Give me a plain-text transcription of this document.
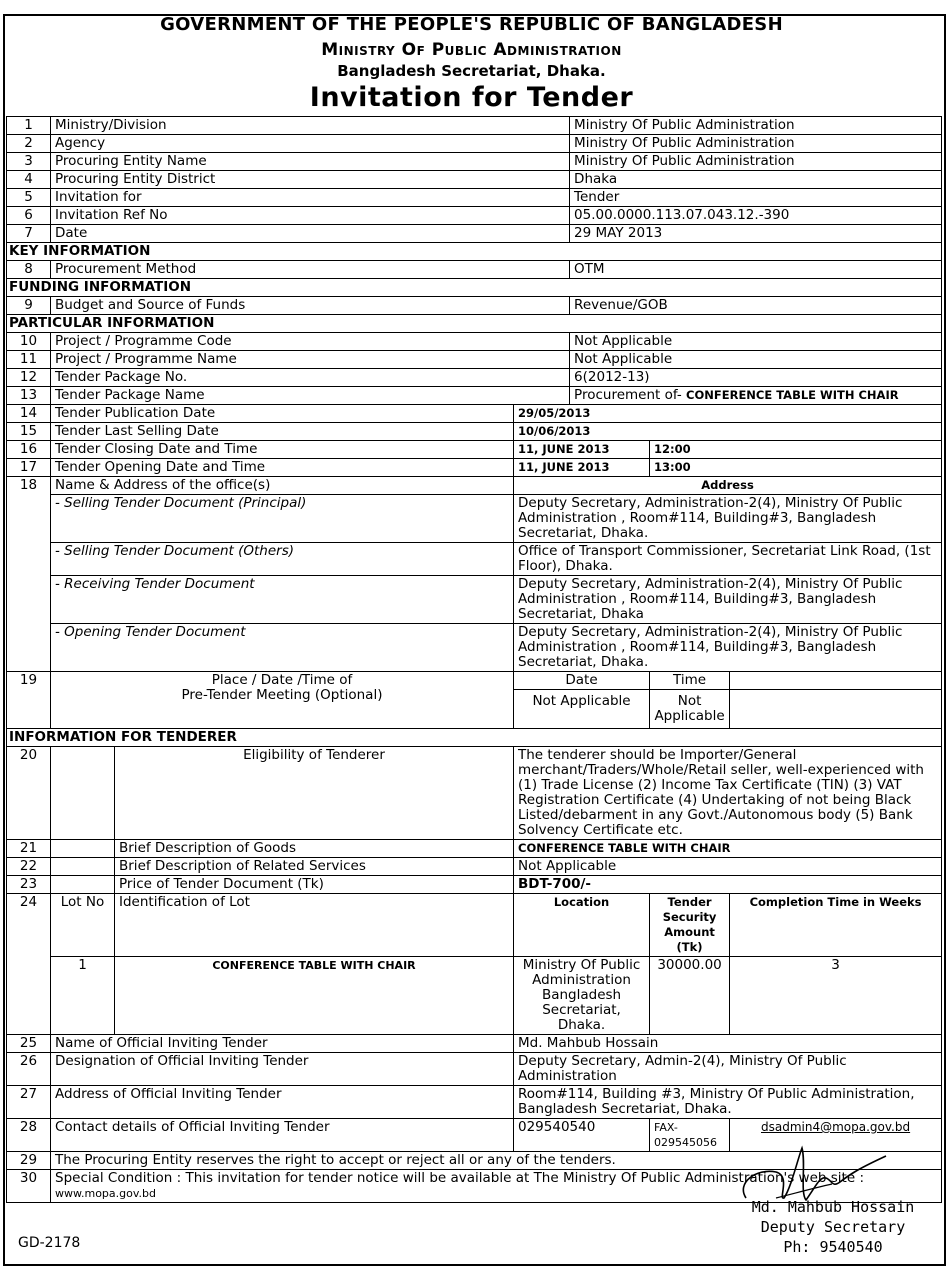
GOVERNMENT OF THE PEOPLE'S REPUBLIC OF BANGLADESH
Ministry Of Public Administration
Bangladesh Secretariat, Dhaka.
Invitation for Tender
1	Ministry/Division			Ministry Of Public Administration		
2	Agency			Ministry Of Public Administration		
3	Procuring Entity Name			Ministry Of Public Administration		
4	Procuring Entity District			Dhaka		
5	Invitation for			Tender		
6	Invitation Ref No			05.00.0000.113.07.043.12.-390		
7	Date			29 MAY 2013		
KEY INFORMATION						
8	Procurement Method			OTM		
FUNDING INFORMATION						
9	Budget and Source of Funds			Revenue/GOB		
PARTICULAR INFORMATION						
10	Project / Programme Code			Not Applicable		
11	Project / Programme Name			Not Applicable		
12	Tender Package No.			6(2012-13)		
13	Tender Package Name			Procurement of- CONFERENCE TABLE WITH CHAIR		
14	Tender Publication Date		29/05/2013			
15	Tender Last Selling Date		10/06/2013			
16	Tender Closing Date and Time		11, JUNE 2013		12:00	
17	Tender Opening Date and Time		11, JUNE 2013		13:00	
18	Name & Address of the office(s)		Address			
	- Selling Tender Document (Principal)		Deputy Secretary, Administration-2(4), Ministry Of Public Administration , Room#114, Building#3, Bangladesh Secretariat, Dhaka.			
	- Selling Tender Document (Others)		Office of Transport Commissioner, Secretariat Link Road, (1st Floor), Dhaka.			
	- Receiving Tender Document		Deputy Secretary, Administration-2(4), Ministry Of Public Administration , Room#114, Building#3, Bangladesh Secretariat, Dhaka			
	- Opening Tender Document		Deputy Secretary, Administration-2(4), Ministry Of Public Administration , Room#114, Building#3, Bangladesh Secretariat, Dhaka.			
19	Place / Date /Time of
Pre-Tender Meeting (Optional)		Date		Time	
			Not Applicable		Not Applicable	
INFORMATION FOR TENDERER						
20		Eligibility of Tenderer	The tenderer should be Importer/General merchant/Traders/Whole/Retail seller, well-experienced with (1) Trade License (2) Income Tax Certificate (TIN) (3) VAT Registration Certificate (4) Undertaking of not being Black Listed/debarment in any Govt./Autonomous body (5) Bank Solvency Certificate etc.			
21		Brief Description of Goods	CONFERENCE TABLE WITH CHAIR			
22		Brief Description of Related Services	Not Applicable			
23		Price of Tender Document (Tk)	BDT-700/-			
24	Lot No	Identification of Lot	Location		Tender Security Amount (Tk)	Completion Time in Weeks
	1	CONFERENCE TABLE WITH CHAIR	Ministry Of Public Administration Bangladesh Secretariat, Dhaka.		30000.00	3
25	Name of Official Inviting Tender		Md. Mahbub Hossain			
26	Designation of Official Inviting Tender		Deputy Secretary, Admin-2(4), Ministry Of Public Administration			
27	Address of Official Inviting Tender		Room#114, Building #3, Ministry Of Public Administration, Bangladesh Secretariat, Dhaka.			
28	Contact details of Official Inviting Tender		029540540		FAX- 029545056	dsadmin4@mopa.gov.bd
29	The Procuring Entity reserves the right to accept or reject all or any of the tenders.					
30	Special Condition : This invitation for tender notice will be available at The Ministry Of Public Administration's web site :
www.mopa.gov.bd					
Md. Mahbub Hossain
Deputy Secretary
Ph: 9540540
GD-2178
